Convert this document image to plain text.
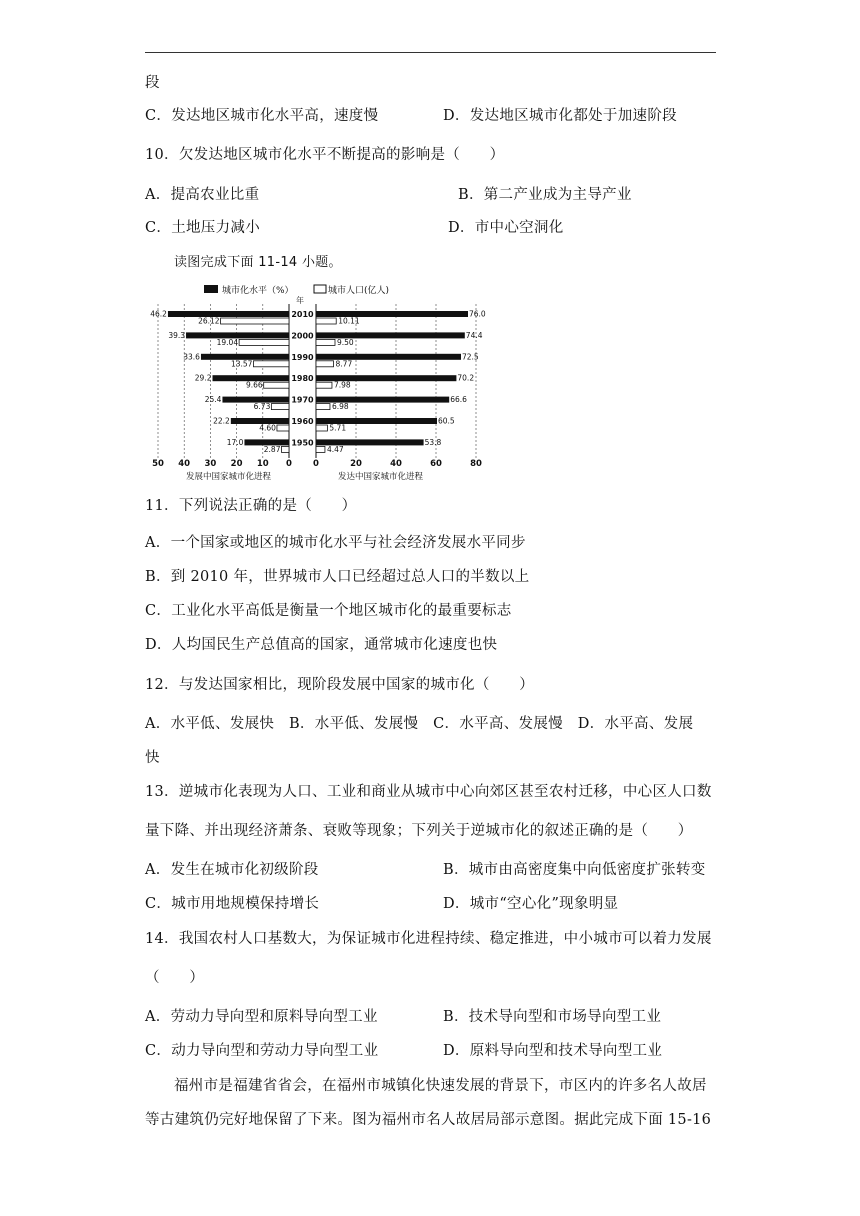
段
C．发达地区城市化水平高，速度慢	D．发达地区城市化都处于加速阶段
10．欠发达地区城市化水平不断提高的影响是（　　）
A．提高农业比重	B．第二产业成为主导产业
C．土地压力减小	D．市中心空洞化
读图完成下面 11-14 小题。
城市化水平（%）	城市人口(亿人)
年
50 40 30 20 10 0
发展中国家城市化进程
2010
46.2
26.12
2000
39.3
19.04
1990
33.6
13.57
1980
29.2
9.66
1970
25.4
6.73
1960
22.2
4.60
1950
17.0
2.87
0	20	40	60	80
发达中国家城市化进程
76.0
10.11
74.4
9.50
72.5
8.77
70.2
7.98
66.6
6.98
60.5
5.71
53.8
4.47
11．下列说法正确的是（　　）
A．一个国家或地区的城市化水平与社会经济发展水平同步
B．到 2010 年，世界城市人口已经超过总人口的半数以上
C．工业化水平高低是衡量一个地区城市化的最重要标志
D．人均国民生产总值高的国家，通常城市化速度也快
12．与发达国家相比，现阶段发展中国家的城市化（　　）
A．水平低、发展快　B．水平低、发展慢　C．水平高、发展慢　D．水平高、发展
快
13．逆城市化表现为人口、工业和商业从城市中心向郊区甚至农村迁移，中心区人口数
量下降、并出现经济萧条、衰败等现象；下列关于逆城市化的叙述正确的是（　　）
A．发生在城市化初级阶段	B．城市由高密度集中向低密度扩张转变
C．城市用地规模保持增长	D．城市“空心化”现象明显
14．我国农村人口基数大，为保证城市化进程持续、稳定推进，中小城市可以着力发展
（　　）
A．劳动力导向型和原料导向型工业	B．技术导向型和市场导向型工业
C．动力导向型和劳动力导向型工业	D．原料导向型和技术导向型工业
福州市是福建省省会，在福州市城镇化快速发展的背景下，市区内的许多名人故居
等古建筑仍完好地保留了下来。图为福州市名人故居局部示意图。据此完成下面 15-16
